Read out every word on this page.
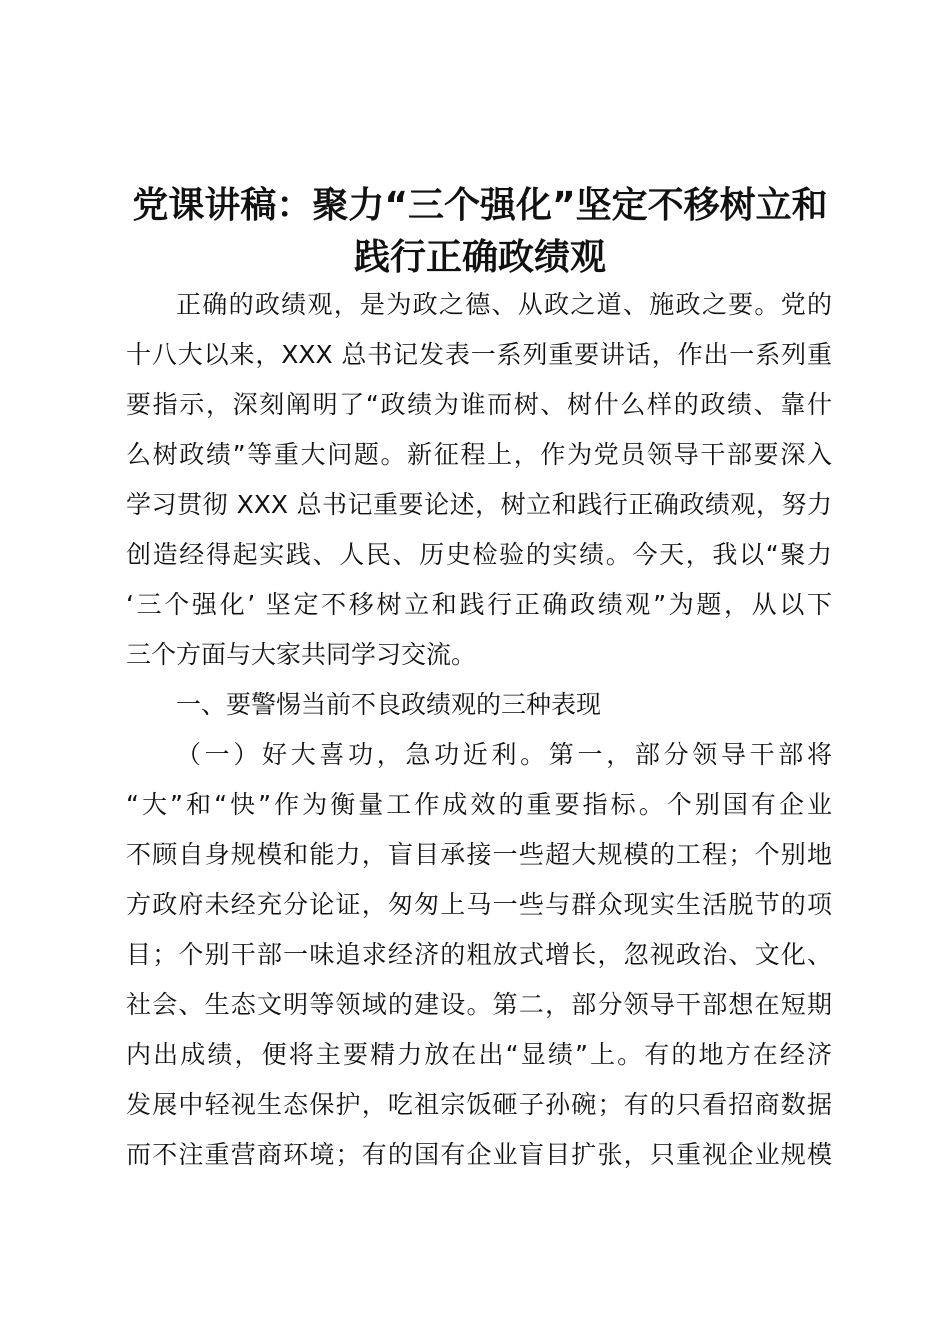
党课讲稿：聚力“三个强化”坚定不移树立和
践行正确政绩观
正确的政绩观，是为政之德、从政之道、施政之要。党的
十八大以来，XXX 总书记发表一系列重要讲话，作出一系列重
要指示，深刻阐明了“政绩为谁而树、树什么样的政绩、靠什
么树政绩”等重大问题。新征程上，作为党员领导干部要深入
学习贯彻 XXX 总书记重要论述，树立和践行正确政绩观，努力
创造经得起实践、人民、历史检验的实绩。今天，我以“聚力
‘三个强化’ 坚定不移树立和践行正确政绩观”为题，从以下
三个方面与大家共同学习交流。
一、要警惕当前不良政绩观的三种表现
（一）好大喜功，急功近利。第一，部分领导干部将
“大”和“快”作为衡量工作成效的重要指标。个别国有企业
不顾自身规模和能力，盲目承接一些超大规模的工程；个别地
方政府未经充分论证，匆匆上马一些与群众现实生活脱节的项
目；个别干部一味追求经济的粗放式增长，忽视政治、文化、
社会、生态文明等领域的建设。第二，部分领导干部想在短期
内出成绩，便将主要精力放在出“显绩”上。有的地方在经济
发展中轻视生态保护，吃祖宗饭砸子孙碗；有的只看招商数据
而不注重营商环境；有的国有企业盲目扩张，只重视企业规模
